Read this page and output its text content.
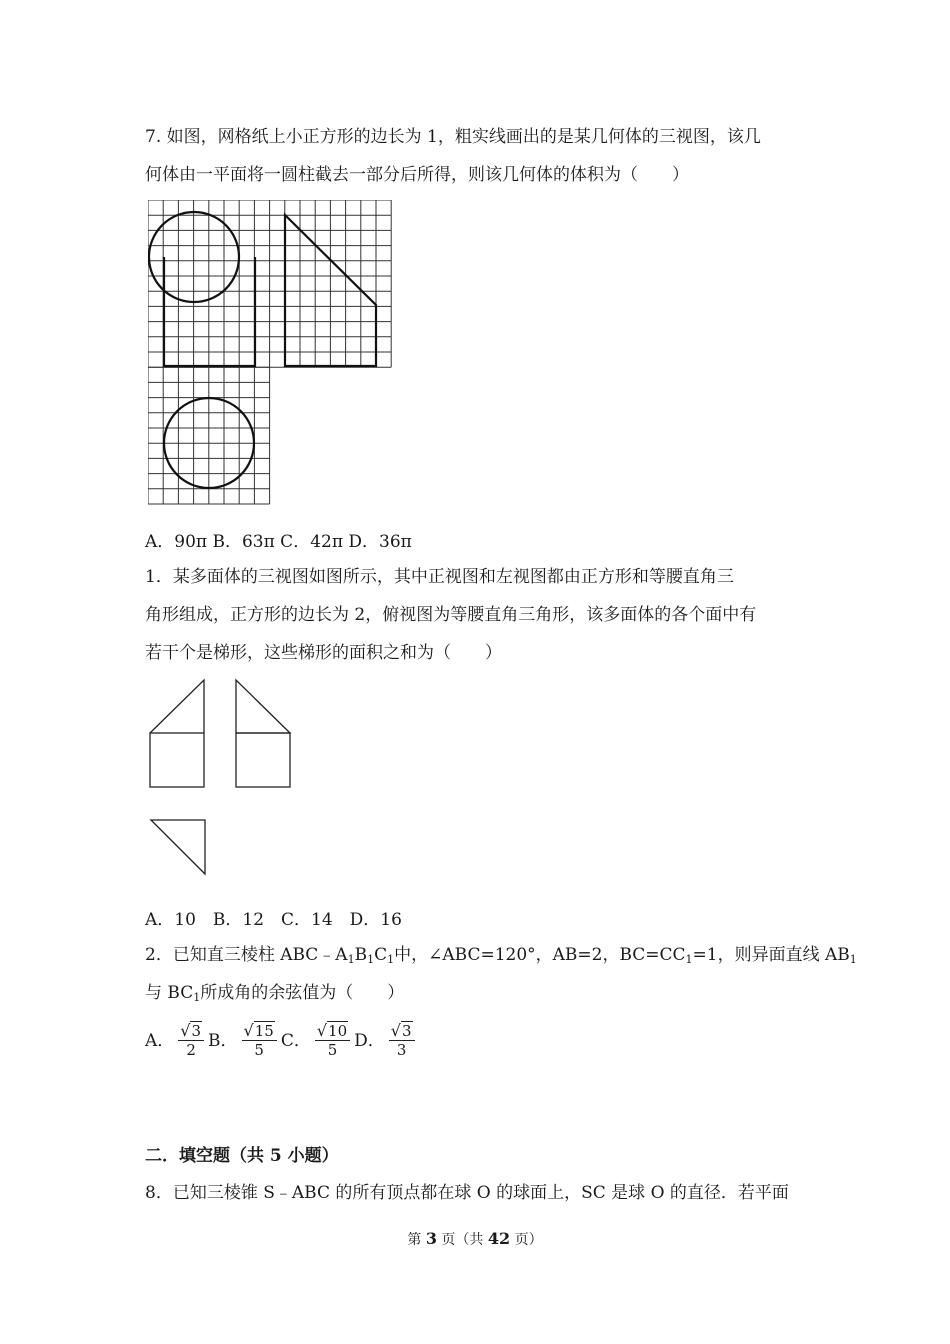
7. 如图，网格纸上小正方形的边长为 1，粗实线画出的是某几何体的三视图，该几
何体由一平面将一圆柱截去一部分后所得，则该几何体的体积为（　　）
A．90π B．63π C．42π D．36π
1．某多面体的三视图如图所示，其中正视图和左视图都由正方形和等腰直角三
角形组成，正方形的边长为 2，俯视图为等腰直角三角形，该多面体的各个面中有
若干个是梯形，这些梯形的面积之和为（　　）
A．10　B．12　C．14　D．16
2．已知直三棱柱 $ABC﹣A_1B_1C_1$中，∠ABC=120°，AB=2，$BC=CC_1=1$，则异面直线 $AB_1$
与 $BC_1$所成角的余弦值为（　　）
A． $\frac{√3}{2}$ B． $\frac{√15}{5}$ C． $\frac{√10}{5}$ D． $\frac{√3}{3}$
二．填空题（共 5 小题）
8．已知三棱锥 S﹣ABC 的所有顶点都在球 O 的球面上，SC 是球 O 的直径．若平面
第 3 页（共 42 页）
